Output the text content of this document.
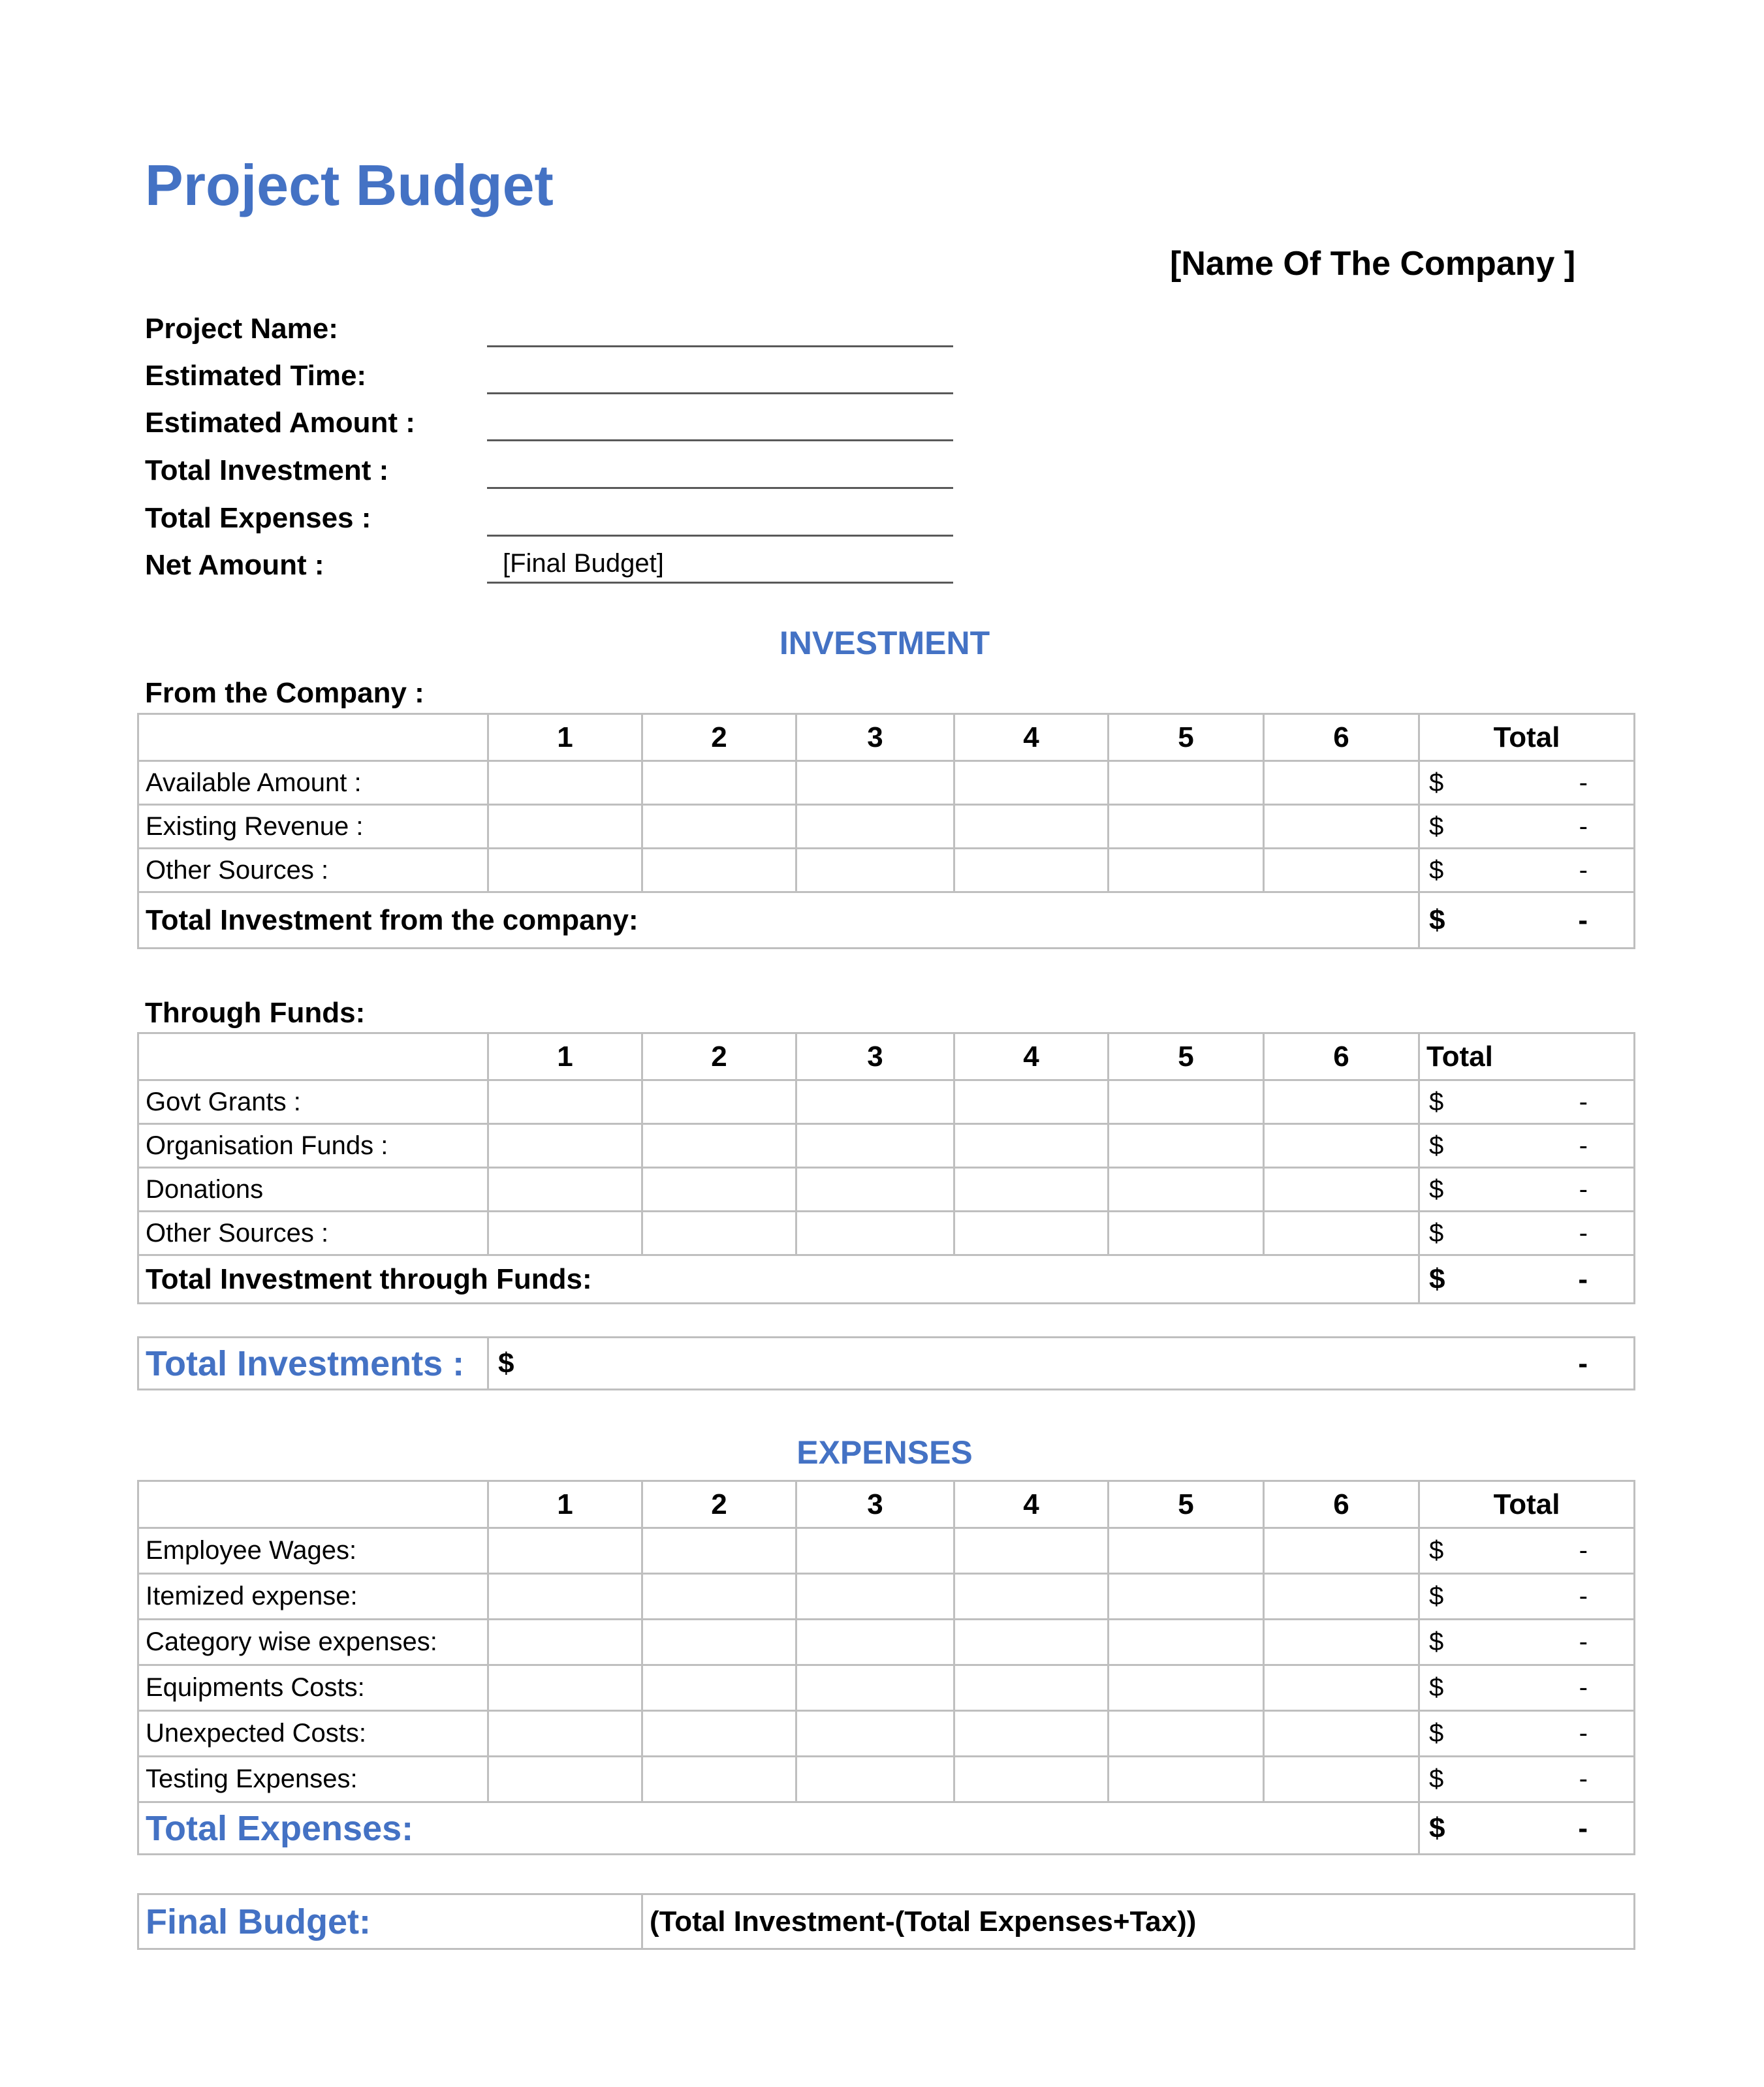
Project Budget
[Name Of The Company ]
Project Name:
Estimated Time:
Estimated Amount :
Total Investment :
Total Expenses :
Net Amount :	[Final Budget]
INVESTMENT
From the Company :
	1	2	3	4	5	6	Total
Available Amount :							$ -

Existing Revenue :							$ -

Other Sources :							$ -

Total Investment from the company:							$ -
Through Funds:
	1	2	3	4	5	6	Total
Govt Grants :							$ -

Organisation Funds :							$ -

Donations							$ -

Other Sources :							$ -

Total Investment through Funds:							$ -
Total Investments :	$	-
EXPENSES
	1	2	3	4	5	6	Total
Employee Wages:							$ -

Itemized expense:							$ -

Category wise expenses:							$ -

Equipments Costs:							$ -

Unexpected Costs:							$ -

Testing Expenses:							$ -

Total Expenses:							$ -
Final Budget:	(Total Investment-(Total Expenses+Tax))
